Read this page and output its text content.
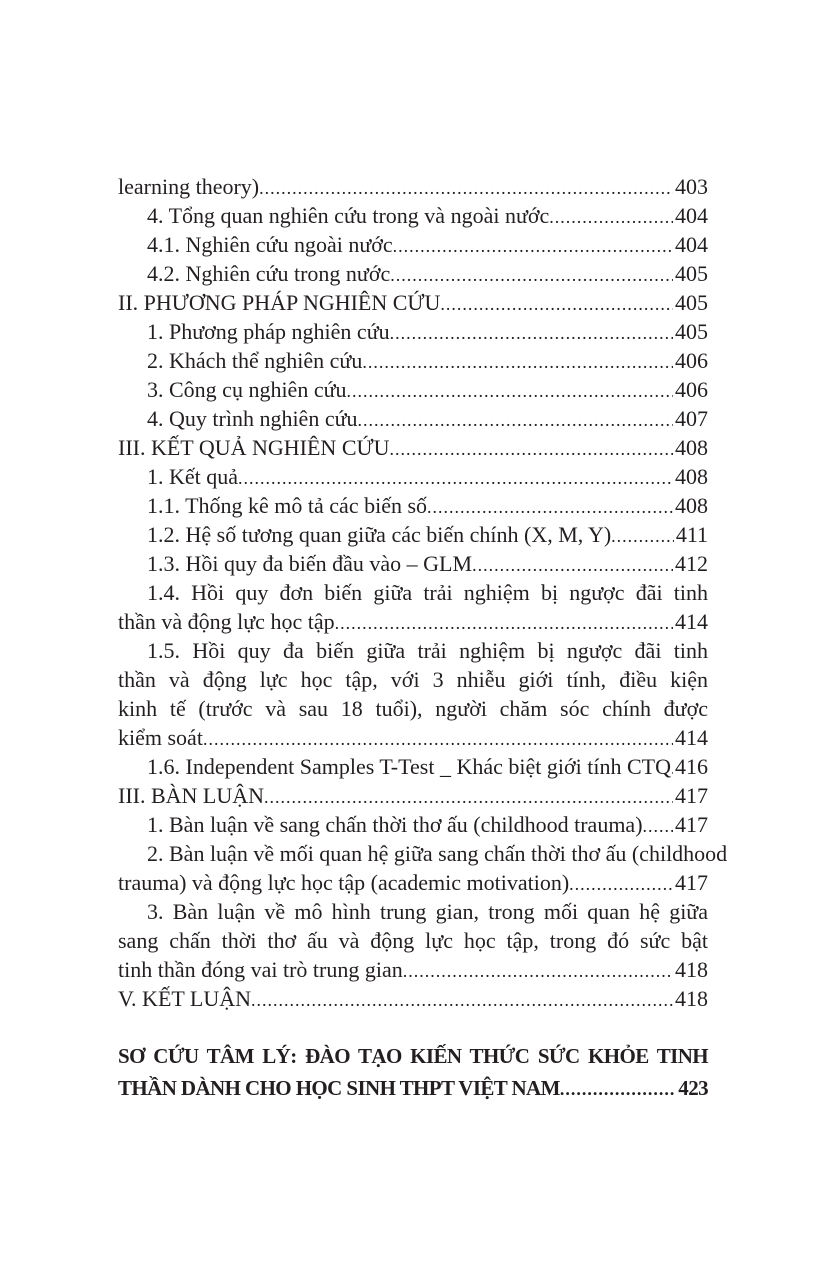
learning theory) .....	403
4. Tổng quan nghiên cứu trong và ngoài nước .....	404
4.1. Nghiên cứu ngoài nước .....	404
4.2. Nghiên cứu trong nước .....	405
II. PHƯƠNG PHÁP NGHIÊN CỨU .....	405
1. Phương pháp nghiên cứu .....	405
2. Khách thể nghiên cứu .....	406
3. Công cụ nghiên cứu .....	406
4. Quy trình nghiên cứu .....	407
III. KẾT QUẢ NGHIÊN CỨU .....	408
1. Kết quả .....	408
1.1. Thống kê mô tả các biến số .....	408
1.2. Hệ số tương quan giữa các biến chính (X, M, Y) .....	411
1.3. Hồi quy đa biến đầu vào – GLM .....	412
1.4. Hồi quy đơn biến giữa trải nghiệm bị ngược đãi tinh
thần và động lực học tập .....	414
1.5. Hồi quy đa biến giữa trải nghiệm bị ngược đãi tinh
thần và động lực học tập, với 3 nhiễu giới tính, điều kiện
kinh tế (trước và sau 18 tuổi), người chăm sóc chính được
kiểm soát .....	414
1.6. Independent Samples T-Test _ Khác biệt giới tính CTQ ..... 416
III. BÀN LUẬN .....	417
1. Bàn luận về sang chấn thời thơ ấu (childhood trauma) ..... 417
2. Bàn luận về mối quan hệ giữa sang chấn thời thơ ấu (childhood
trauma) và động lực học tập (academic motivation) .....	417
3. Bàn luận về mô hình trung gian, trong mối quan hệ giữa
sang chấn thời thơ ấu và động lực học tập, trong đó sức bật
tinh thần đóng vai trò trung gian .....	418
V. KẾT LUẬN .....	418
SƠ CỨU TÂM LÝ: ĐÀO TẠO KIẾN THỨC SỨC KHỎE TINH
THẦN DÀNH CHO HỌC SINH THPT VIỆT NAM .....	423
